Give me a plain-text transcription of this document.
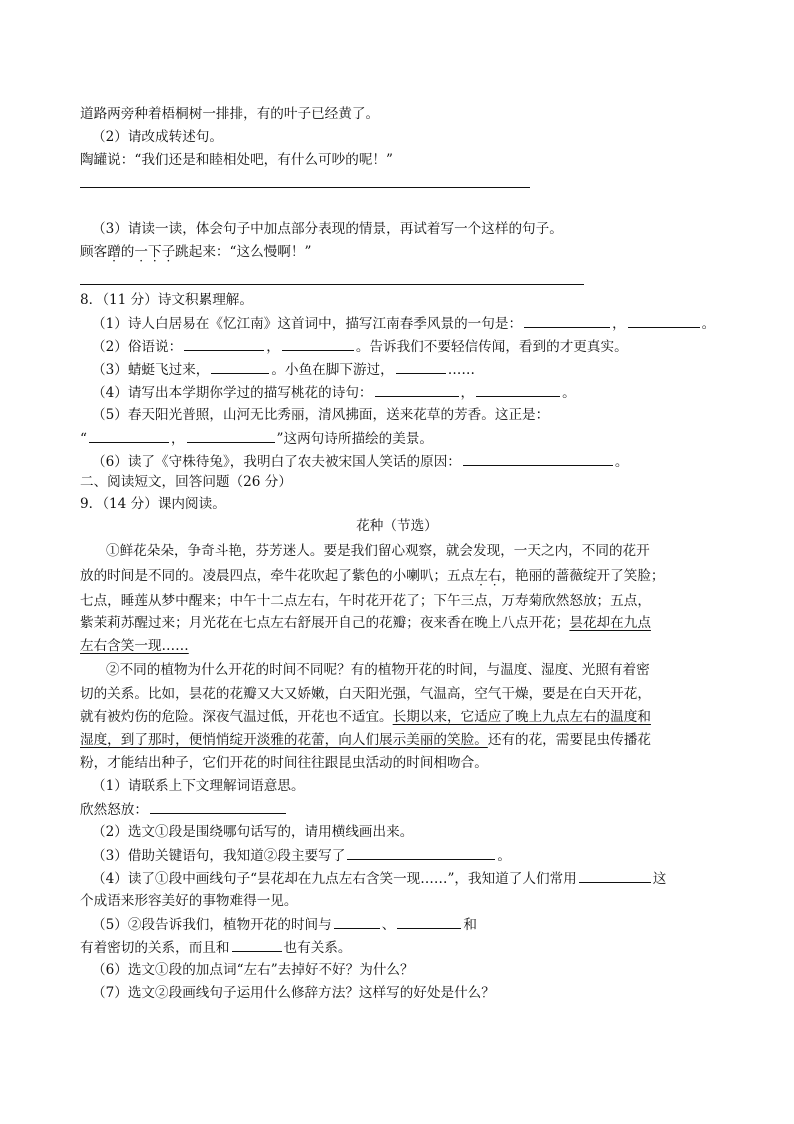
道路两旁种着梧桐树一排排，有的叶子已经黄了。
（2）请改成转述句。
陶罐说：“我们还是和睦相处吧，有什么可吵的呢！”
（3）请读一读，体会句子中加点部分表现的情景，再试着写一个这样的句子。
顾客蹭的一下子跳起来：“这么慢啊！”
8．（11 分）诗文积累理解。
（1）诗人白居易在《忆江南》这首词中，描写江南春季风景的一句是：	，	。
（2）俗语说：	，	。告诉我们不要轻信传闻，看到的才更真实。
（3）蜻蜓飞过来，	。小鱼在脚下游过，	……
（4）请写出本学期你学过的描写桃花的诗句：	，	。
（5）春天阳光普照，山河无比秀丽，清风拂面，送来花草的芳香。这正是：
“	，	”这两句诗所描绘的美景。
（6）读了《守株待兔》，我明白了农夫被宋国人笑话的原因：	。
二、阅读短文，回答问题（26 分）
9．（14 分）课内阅读。
花种（节选）
①鲜花朵朵，争奇斗艳，芬芳迷人。要是我们留心观察，就会发现，一天之内，不同的花开
放的时间是不同的。凌晨四点，牵牛花吹起了紫色的小喇叭；五点左右，艳丽的蔷薇绽开了笑脸；
七点，睡莲从梦中醒来；中午十二点左右，午时花开花了；下午三点，万寿菊欣然怒放；五点，
紫茉莉苏醒过来；月光花在七点左右舒展开自己的花瓣；夜来香在晚上八点开花；昙花却在九点
左右含笑一现……
②不同的植物为什么开花的时间不同呢？有的植物开花的时间，与温度、湿度、光照有着密
切的关系。比如，昙花的花瓣又大又娇嫩，白天阳光强，气温高，空气干燥，要是在白天开花，
就有被灼伤的危险。深夜气温过低，开花也不适宜。长期以来，它适应了晚上九点左右的温度和
湿度，到了那时，便悄悄绽开淡雅的花蕾，向人们展示美丽的笑脸。还有的花，需要昆虫传播花
粉，才能结出种子，它们开花的时间往往跟昆虫活动的时间相吻合。
（1）请联系上下文理解词语意思。
欣然怒放：
（2）选文①段是围绕哪句话写的，请用横线画出来。
（3）借助关键语句，我知道②段主要写了	。
（4）读了①段中画线句子“昙花却在九点左右含笑一现……”，我知道了人们常用	这
个成语来形容美好的事物难得一见。
（5）②段告诉我们，植物开花的时间与	、	和
有着密切的关系，而且和	也有关系。
（6）选文①段的加点词“左右”去掉好不好？为什么？
（7）选文②段画线句子运用什么修辞方法？这样写的好处是什么？
